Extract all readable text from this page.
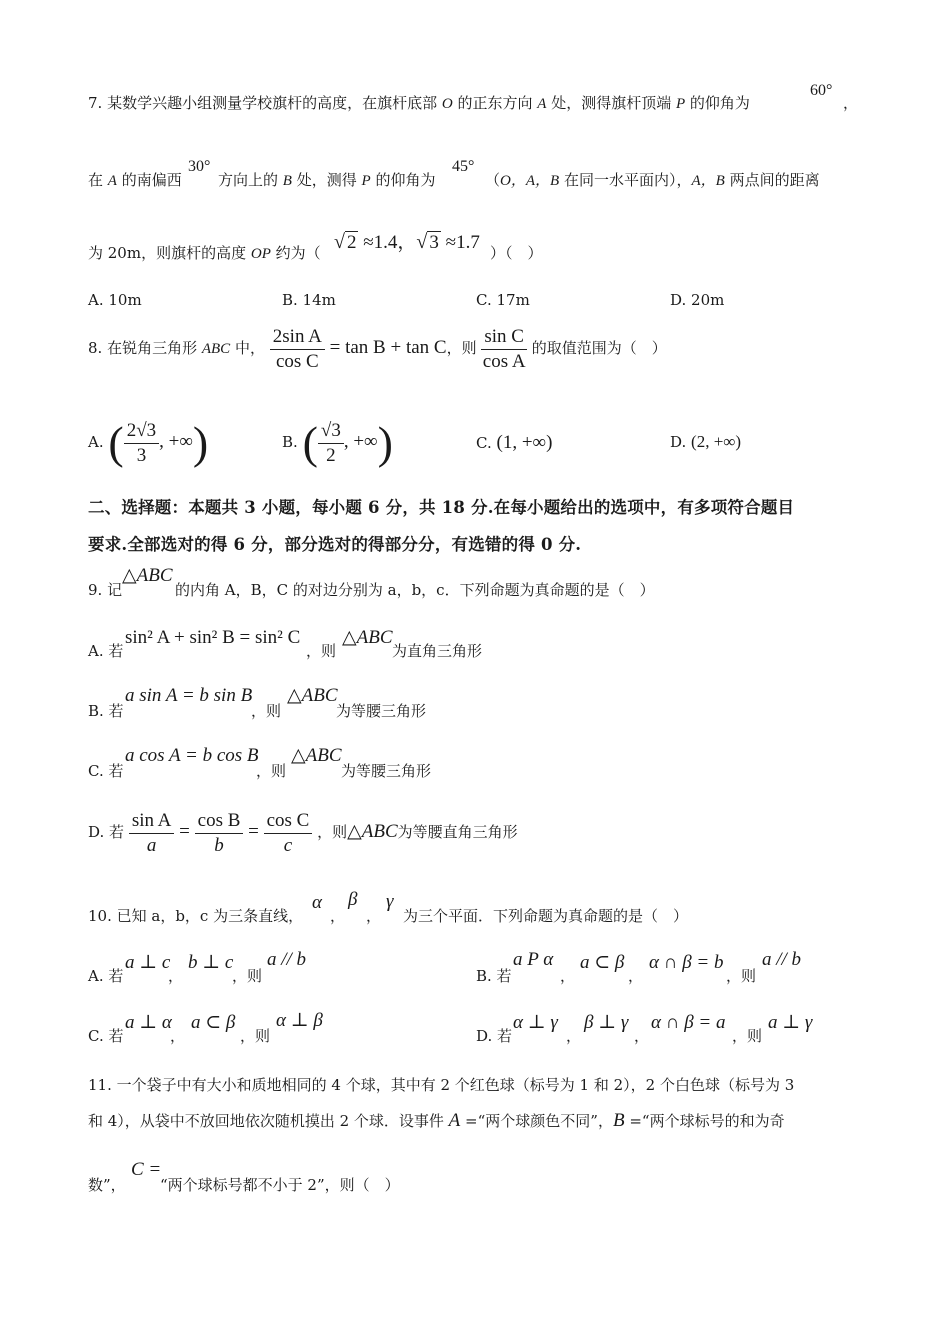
7. 某数学兴趣小组测量学校旗杆的高度，在旗杆底部 O 的正东方向 A 处，测得旗杆顶端 P 的仰角为
60°
，
在 A 的南偏西
30°
方向上的 B 处，测得 P 的仰角为
45°
（O，A，B 在同一水平面内），A，B 两点间的距离
为 20m，则旗杆的高度 OP 约为（ √ 2 ≈1.4，√ 3 ≈1.7 ）（　）
A. 10m	B. 14m	C. 17m	D. 20m
8. 在锐角三角形 ABC 中， $\frac{\text{2sin A}}{\text{cos C}} = \tan B + \tan C$，则 $\frac{\text{sin C}}{\text{cos A}}$ 的取值范围为（　）
A. ( $\frac{2√3}{3}$ , +∞)	B. ( $\frac{√3}{2}$ , +∞)	C. (1, +∞)	D. (2, +∞)
二、选择题：本题共 3 小题，每小题 6 分，共 18 分.在每小题给出的选项中，有多项符合题目
要求.全部选对的得 6 分，部分选对的得部分分，有选错的得 0 分.
9. 记
△ABC
的内角 A，B，C 的对边分别为 a，b，c．下列命题为真命题的是（　）
A. 若
sin² A + sin² B = sin² C
，则
△ABC
为直角三角形
B. 若
a sin A = b sin B
，则
△ABC
为等腰三角形
C. 若
a cos A = b cos B
，则
△ABC
为等腰三角形
D. 若 $\frac{\text{sin A}}{a} = \frac{\text{cos B}}{b} = \frac{\text{cos C}}{c}$ ，则△ABC为等腰直角三角形
10. 已知 a，b，c 为三条直线，
α
，
β
，
γ
为三个平面．下列命题为真命题的是（　）
A. 若
a ⊥ c
，
b ⊥ c
，则
a // b
B. 若
a P α
，
a ⊂ β
，
α ∩ β = b
，则
a // b
C. 若
a ⊥ α
，
a ⊂ β
，则
α ⊥ β
D. 若
α ⊥ γ
，
β ⊥ γ
，
α ∩ β = a
，则
a ⊥ γ
11. 一个袋子中有大小和质地相同的 4 个球，其中有 2 个红色球（标号为 1 和 2），2 个白色球（标号为 3
和 4），从袋中不放回地依次随机摸出 2 个球．设事件 A =“两个球颜色不同”，B =“两个球标号的和为奇
数”，
C =
“两个球标号都不小于 2”，则（　）
